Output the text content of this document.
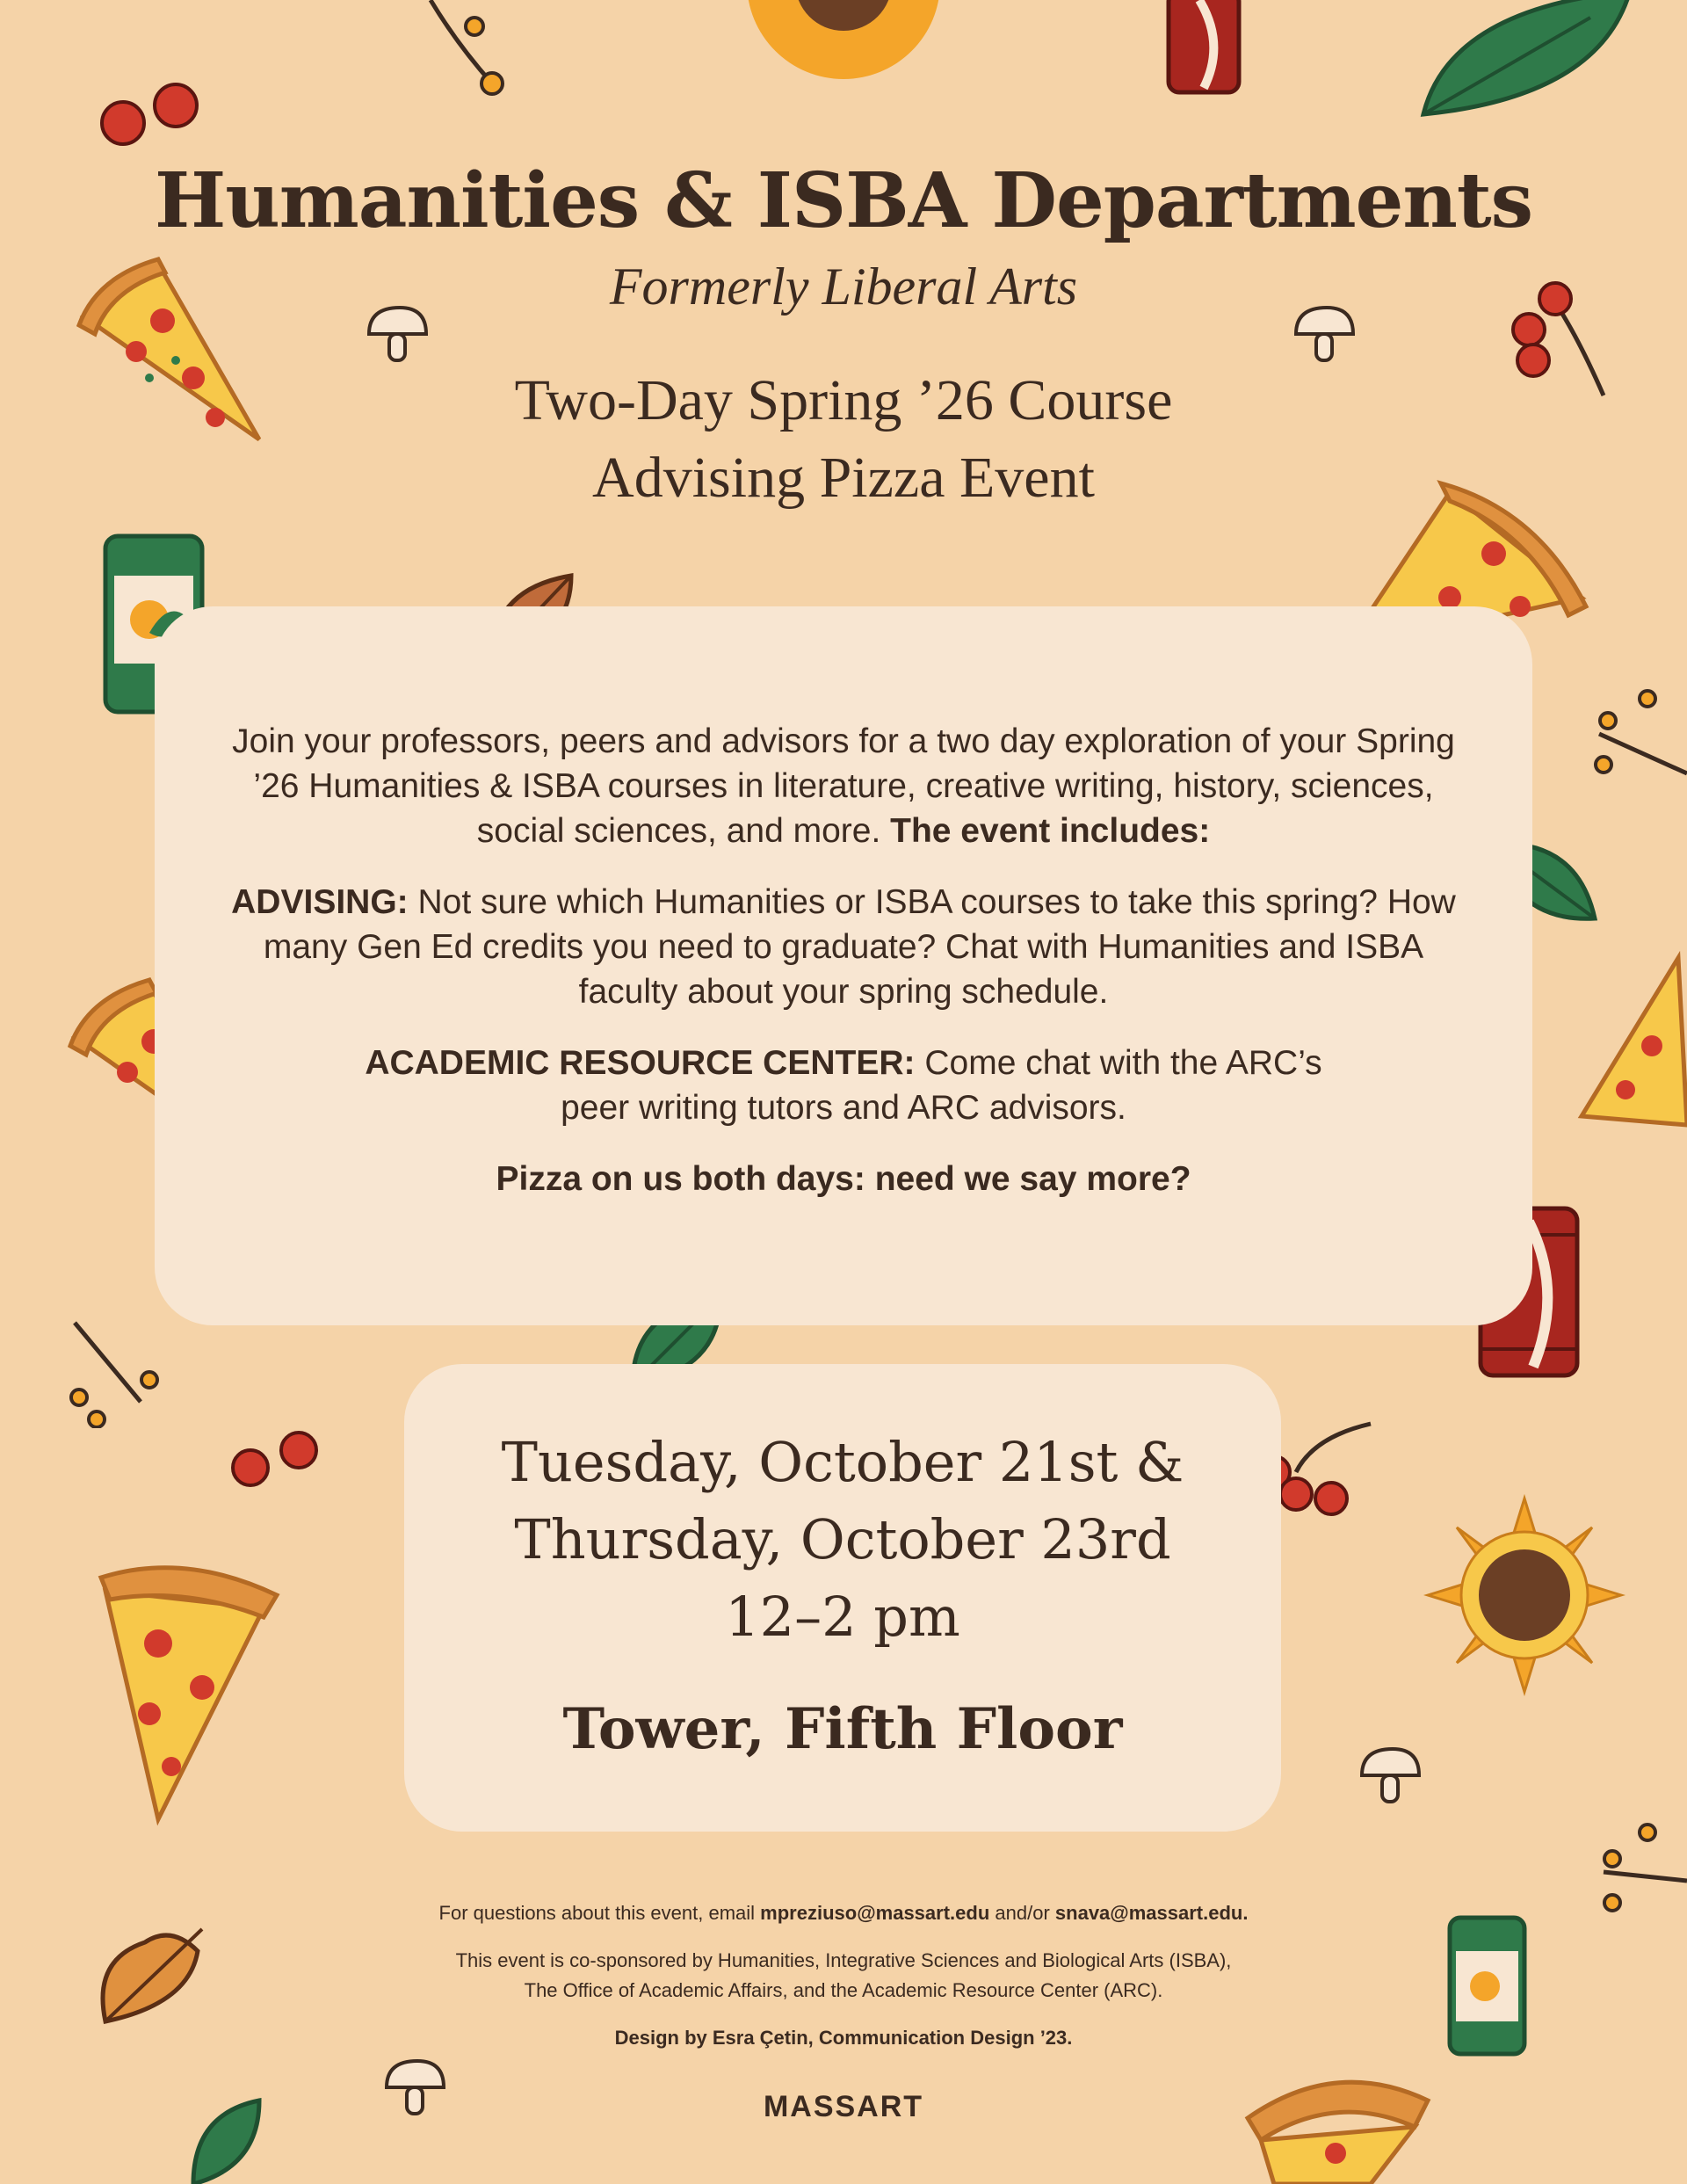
Humanities & ISBA Departments
Formerly Liberal Arts
Two-Day Spring ’26 Course
Advising Pizza Event

Join your professors, peers and advisors for a two day exploration of your Spring ’26 Humanities & ISBA courses in literature, creative writing, history, sciences, social sciences, and more. The event includes:

ADVISING: Not sure which Humanities or ISBA courses to take this spring? How many Gen Ed credits you need to graduate? Chat with Humanities and ISBA faculty about your spring schedule.

ACADEMIC RESOURCE CENTER: Come chat with the ARC’s peer writing tutors and ARC advisors.

Pizza on us both days: need we say more?

Tuesday, October 21st &
Thursday, October 23rd
12–2 pm
Tower, Fifth Floor

For questions about this event, email mpreziuso@massart.edu and/or snava@massart.edu.

This event is co-sponsored by Humanities, Integrative Sciences and Biological Arts (ISBA),
The Office of Academic Affairs, and the Academic Resource Center (ARC).

Design by Esra Çetin, Communication Design ’23.

MASSART
